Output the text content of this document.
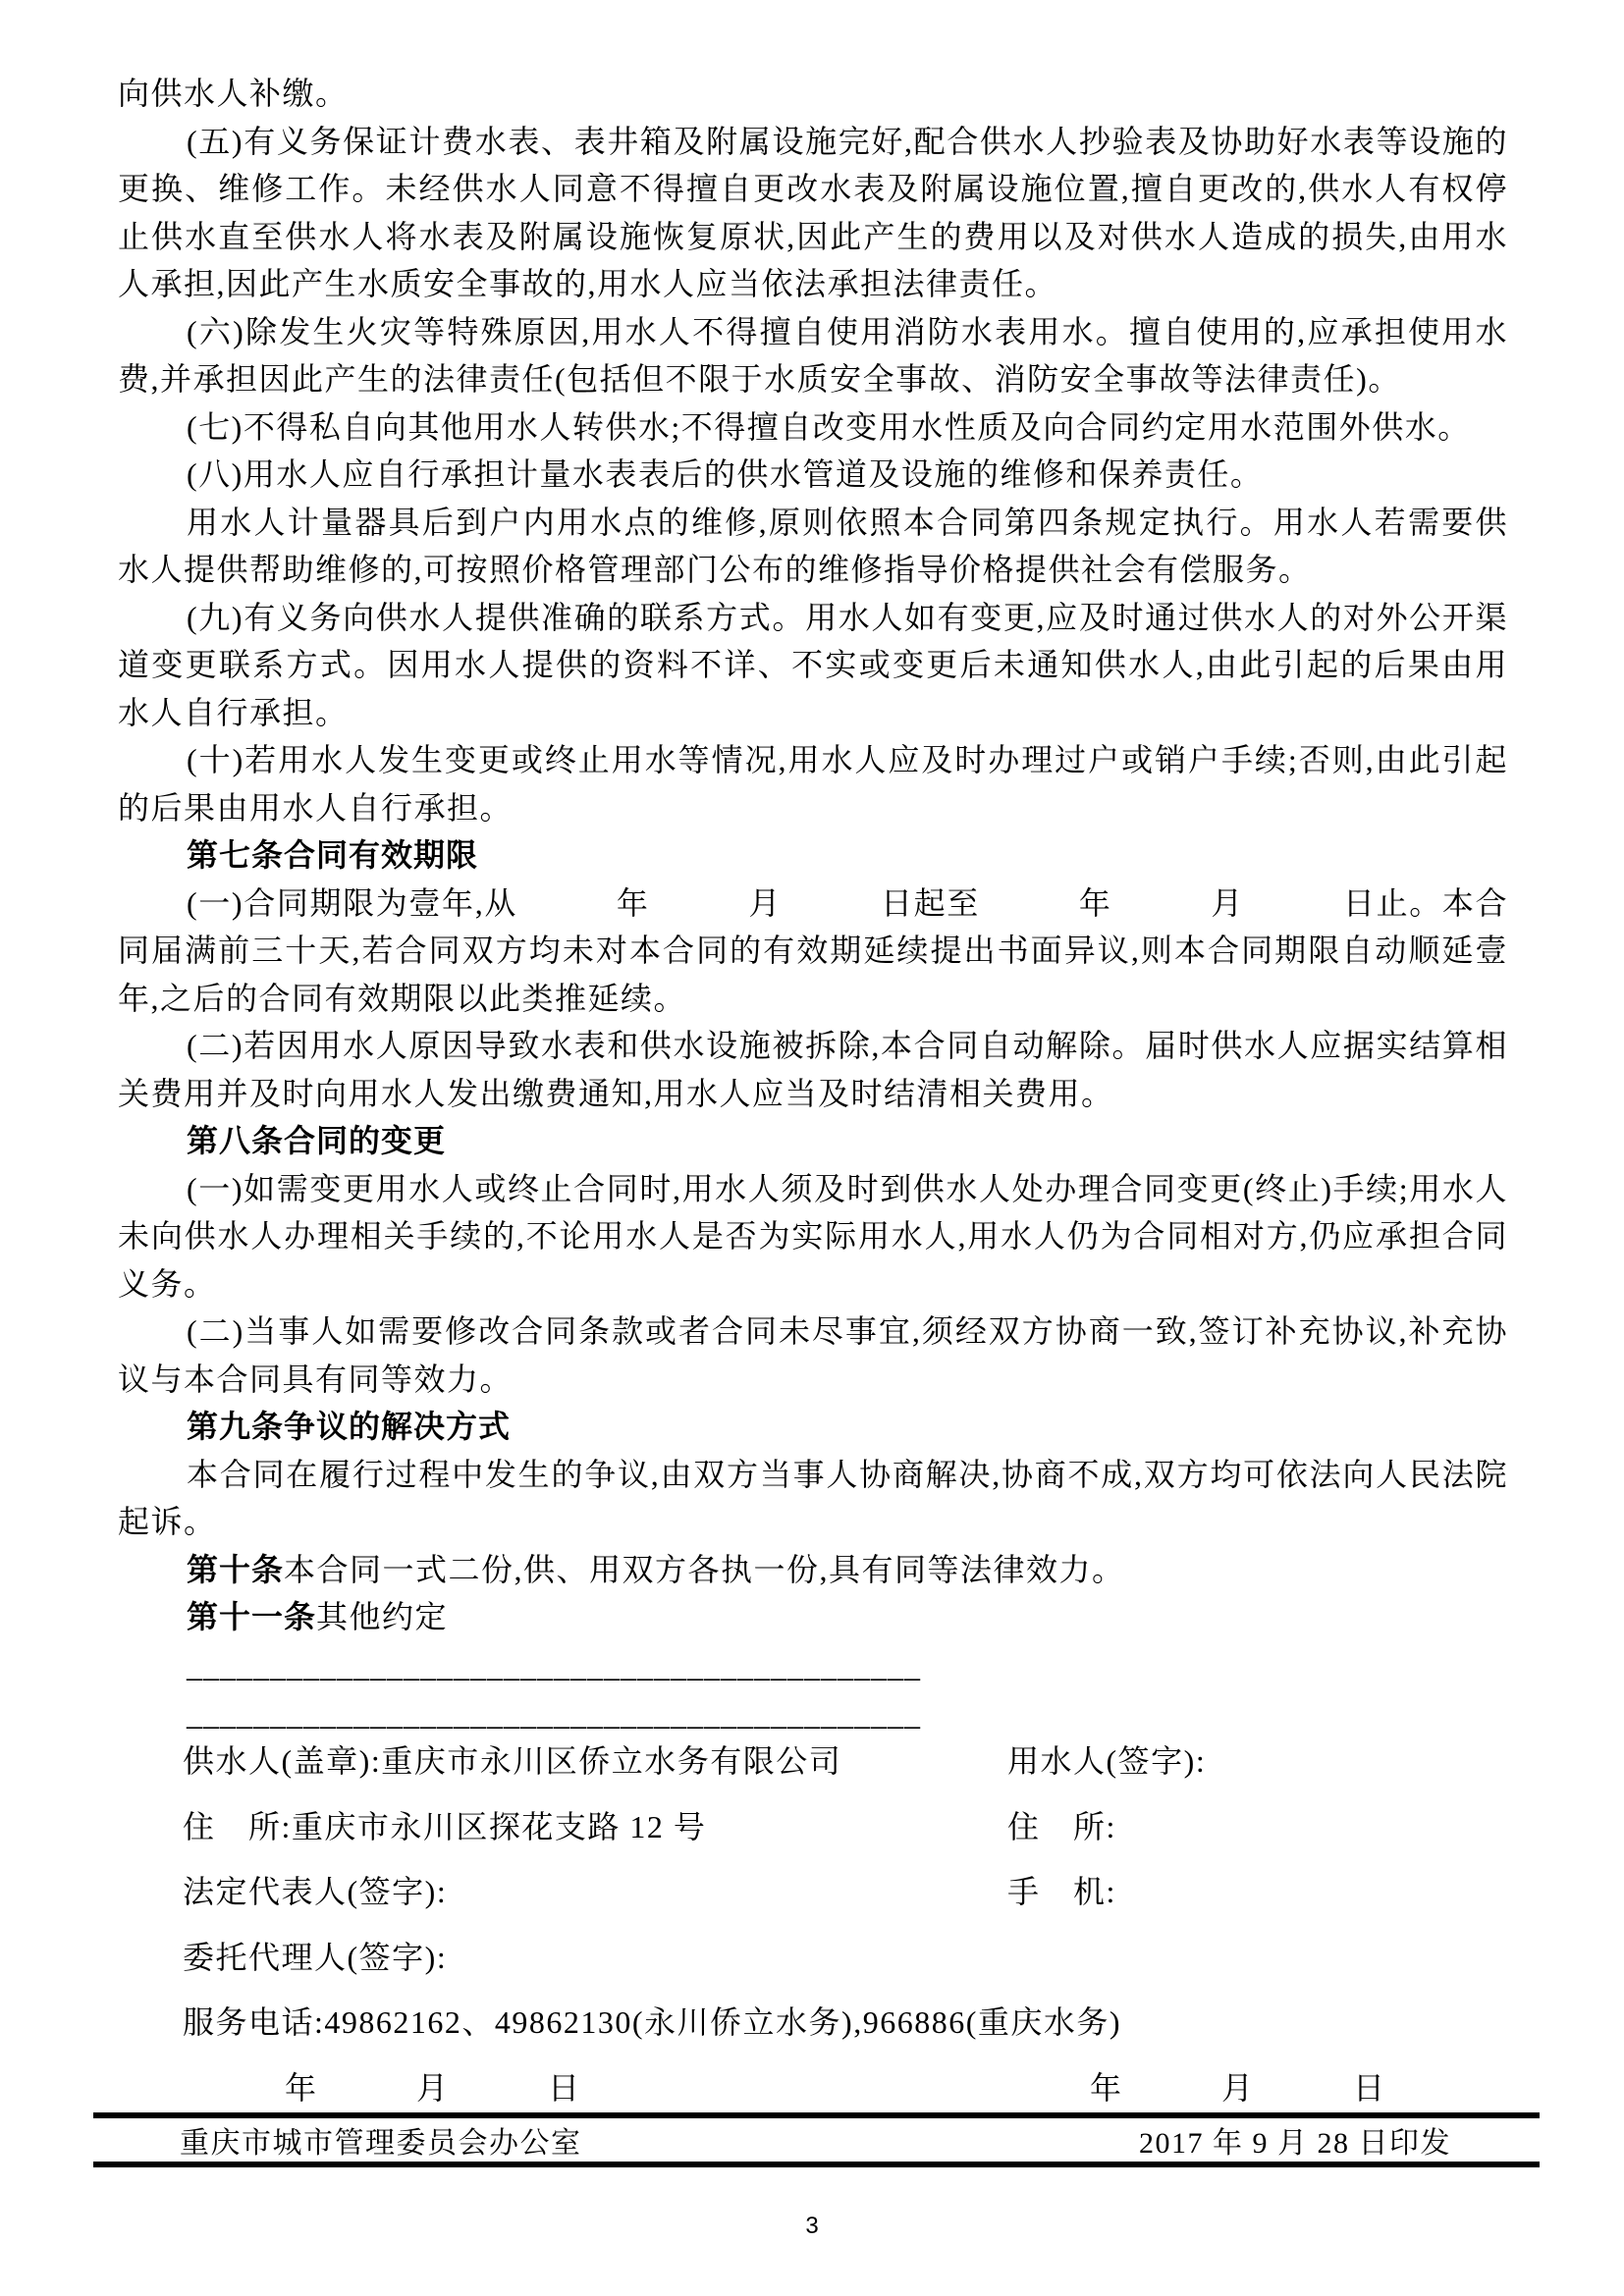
向供水人补缴。

(五)有义务保证计费水表、表井箱及附属设施完好,配合供水人抄验表及协助好水表等设施的更换、维修工作。未经供水人同意不得擅自更改水表及附属设施位置,擅自更改的,供水人有权停止供水直至供水人将水表及附属设施恢复原状,因此产生的费用以及对供水人造成的损失,由用水人承担,因此产生水质安全事故的,用水人应当依法承担法律责任。

(六)除发生火灾等特殊原因,用水人不得擅自使用消防水表用水。擅自使用的,应承担使用水费,并承担因此产生的法律责任(包括但不限于水质安全事故、消防安全事故等法律责任)。

(七)不得私自向其他用水人转供水;不得擅自改变用水性质及向合同约定用水范围外供水。

(八)用水人应自行承担计量水表表后的供水管道及设施的维修和保养责任。

用水人计量器具后到户内用水点的维修,原则依照本合同第四条规定执行。用水人若需要供水人提供帮助维修的,可按照价格管理部门公布的维修指导价格提供社会有偿服务。

(九)有义务向供水人提供准确的联系方式。用水人如有变更,应及时通过供水人的对外公开渠道变更联系方式。因用水人提供的资料不详、不实或变更后未通知供水人,由此引起的后果由用水人自行承担。

(十)若用水人发生变更或终止用水等情况,用水人应及时办理过户或销户手续;否则,由此引起的后果由用水人自行承担。

第七条合同有效期限

(一)合同期限为壹年,从　　　年　　　月　　　日起至　　　年　　　月　　　日止。本合同届满前三十天,若合同双方均未对本合同的有效期延续提出书面异议,则本合同期限自动顺延壹年,之后的合同有效期限以此类推延续。

(二)若因用水人原因导致水表和供水设施被拆除,本合同自动解除。届时供水人应据实结算相关费用并及时向用水人发出缴费通知,用水人应当及时结清相关费用。

第八条合同的变更

(一)如需变更用水人或终止合同时,用水人须及时到供水人处办理合同变更(终止)手续;用水人未向供水人办理相关手续的,不论用水人是否为实际用水人,用水人仍为合同相对方,仍应承担合同义务。

(二)当事人如需要修改合同条款或者合同未尽事宜,须经双方协商一致,签订补充协议,补充协议与本合同具有同等效力。

第九条争议的解决方式

本合同在履行过程中发生的争议,由双方当事人协商解决,协商不成,双方均可依法向人民法院起诉。

第十条本合同一式二份,供、用双方各执一份,具有同等法律效力。

第十一条其他约定

____________________________________________

____________________________________________

供水人(盖章):重庆市永川区侨立水务有限公司	用水人(签字):
住　所:重庆市永川区探花支路 12 号	住　所:
法定代表人(签字):	手　机:
委托代理人(签字):
服务电话:49862162、49862130(永川侨立水务),966886(重庆水务)
年　　　月　　　日	年　　　月　　　日
重庆市城市管理委员会办公室	2017 年 9 月 28 日印发
3
